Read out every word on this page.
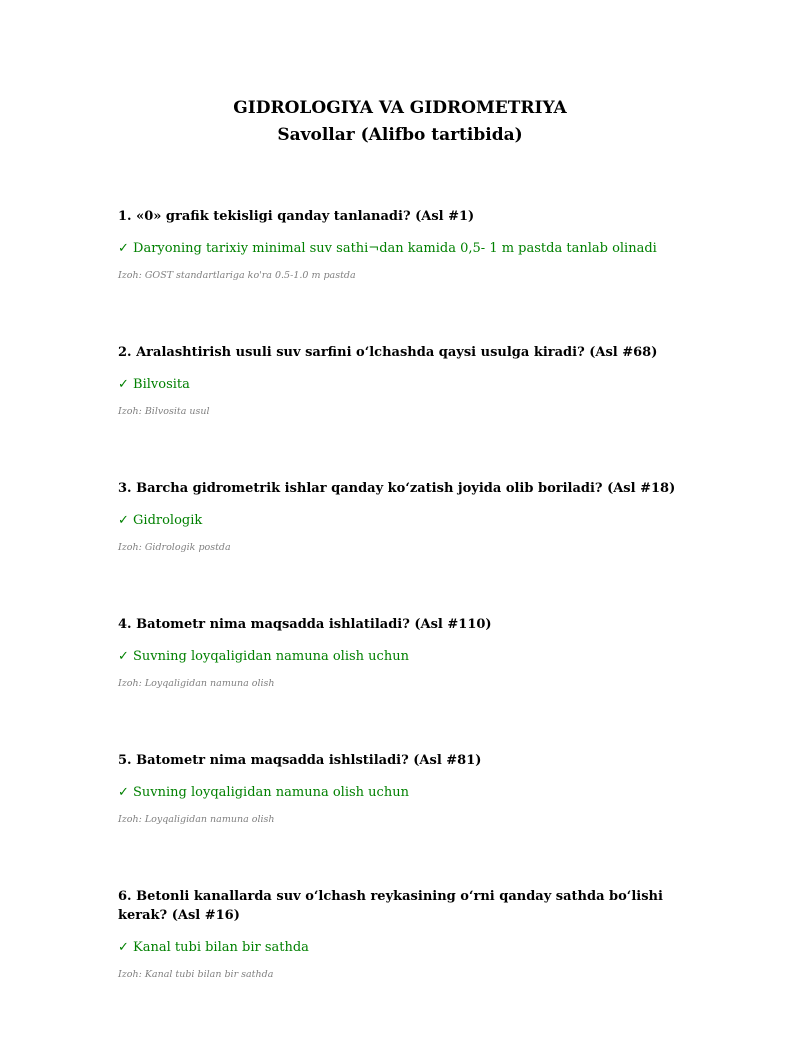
GIDROLOGIYA VA GIDROMETRIYA
Savollar (Alifbo tartibida)
1. «0» grafik tekisligi qanday tanlanadi? (Asl #1)
✓ Daryoning tarixiy minimal suv sathi¬dan kamida 0,5- 1 m pastda tanlab оlinadi
Izoh: GOST standartlariga ko'ra 0.5-1.0 m pastda
2. Aralashtirish usuli suv sarfini oʻlchashda qaysi usulga kiradi? (Asl #68)
✓ Bilvosita
Izoh: Bilvosita usul
3. Barcha gidrometrik ishlar qanday koʻzatish joyida olib boriladi? (Asl #18)
✓ Gidrologik
Izoh: Gidrologik postda
4. Batоmetr nima maqsadda ishlatiladi? (Asl #110)
✓ Suvning lоyqaligidan namuna оlish uchun
Izoh: Loyqaligidan namuna olish
5. Batоmetr nima maqsadda ishlstiladi? (Asl #81)
✓ Suvning lоyqaligidan namuna оlish uchun
Izoh: Loyqaligidan namuna olish
6. Betonli kanallarda suv oʻlchash reykasining oʻrni qanday sathda boʻlishi kerak? (Asl #16)
✓ Kanal tubi bilan bir sathda
Izoh: Kanal tubi bilan bir sathda
